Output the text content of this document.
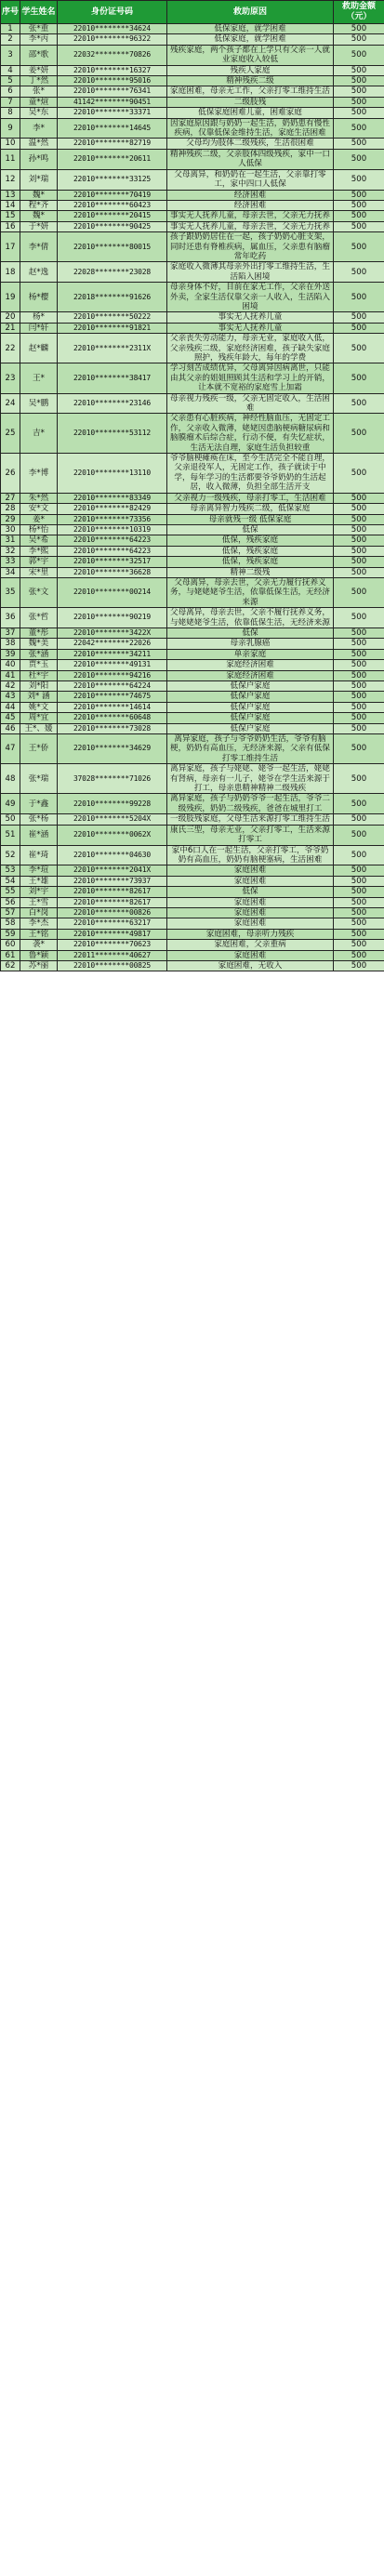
序号	学生姓名	身份证号码	救助原因	救助金额（元）
1	张*重	22010********34624	低保家庭，就学困难	500
2	李*丙	22010********96322	低保家庭，就学困难	500
3	邵*歌	22032********70826	残疾家庭，两个孩子都在上学只有父亲一人就业家庭收入较低	500
4	姜*妍	22010********16327	残疾人家庭	500
5	丁*然	22010********95016	精神残疾二级	500
6	张*	22010********76341	家庭困难，母亲无工作，父亲打零工维持生活	500
7	童*煊	41142********90451	二级肢残	500
8	吴*东	22010********33371	低保家庭困难儿童，困难家庭	500
9	李*	22010********14645	因家庭原因跟与奶奶一起生活，奶奶患有慢性疾病，仅靠低保金维持生活，家庭生活困难	500
10	温*然	22010********82719	父母均为肢体二级残疾，生活很困难	500
11	孙*鸣	22010********20611	精神残疾二级，父亲肢体四级残疾，家中一口人低保	500
12	刘*瑞	22010********33125	父母离异，和奶奶在一起生活，父亲靠打零工，家中四口人低保	500
13	魏*	22010********70419	经济困难	500
14	程*齐	22010********60423	经济困难	500
15	魏*	22010********20415	事实无人抚养儿童，母亲去世，父亲无力抚养	500
16	于*妍	22010********90425	事实无人抚养儿童，母亲去世，父亲无力抚养	500
17	李*倩	22010********80015	孩子跟奶奶居住在一起，孩子奶奶心脏支架，同时还患有脊椎疾病，属血压，父亲患有脑瘤常年吃药	500
18	赵*逸	22028********23028	家庭收入微薄其母亲外出打零工维持生活，生活陷入困境	500
19	杨*樱	22018********91626	母亲身体不好，目前在家无工作，父亲在外送外卖，全家生活仅靠父亲一人收入，生活陷入困境	500
20	杨*	22010********50222	事实无人抚养儿童	500
21	闫*轩	22010********91821	事实无人抚养儿童	500
22	赵*麟	22010********2311X	父亲丧失劳动能力，母亲无业，家庭收入低，父亲残疾二级，家庭经济困难，孩子缺失家庭照护，残疾年龄大，每年的学费	500
23	王*	22010********38417	学习刻苦成绩优异，父母离异因病离世，只能由其父亲的姐姐照顾其生活和学习上的开销，让本就不宽裕的家庭雪上加霜	500
24	吴*鹏	22010********23146	母亲视力残疾一级，父亲无固定收入，生活困难	500
25	吉*	22010********53112	父亲患有心脏疾病，神经性脑血压，无固定工作，父亲收入微薄，姥姥因患脑梗病糖尿病和脑膜瘤术后综合症，行动不便，有失忆症状，生活无法自理，家庭生活负担较重	500
26	李*博	22010********13110	爷爷脑梗瘫痪在床，至今生活完全不能自理，父亲退役军人，无固定工作，孩子就读于中学，每年学习的生活都要爷爷奶奶的生活起居，收入微薄，负担全部生活开支	500
27	朱*然	22010********83349	父亲视力一级残疾，母亲打零工，生活困难	500
28	安*文	22010********82429	母亲离异智力残疾二级，低保家庭	500
29	姜*	22010********73356	母亲就残一级 低保家庭	500
30	杨*怡	22010********10319	低保	500
31	吴*希	22010********64223	低保，残疾家庭	500
32	李*熙	22010********64223	低保，残疾家庭	500
33	郭*宇	22010********32517	低保，残疾家庭	500
34	宋*里	22010********36628	精神二级残	500
35	张*文	22010********00214	父母离异，母亲去世，父亲无力履行抚养义务，与姥姥姥爷生活，依靠低保生活，无经济来源	500
36	张*哲	22010********90219	父母离异，母亲去世，父亲不履行抚养义务，与姥姥姥爷生活，依靠低保生活，无经济来源	500
37	董*彤	22010********3422X	低保	500
38	魏*美	22042********22026	母亲乳腺癌	500
39	张*涵	22010********34211	单亲家庭	500
40	贾*玉	22010********49131	家庭经济困难	500
41	杜*宇	22010********94216	家庭经济困难	500
42	刘*阳	22010********64224	低保户家庭	500
43	刘* 涵	22010********74675	低保户家庭	500
44	姚*文	22010********14614	低保户家庭	500
45	周*宜	22010********60648	低保户家庭	500
46	王*、媛	22010********73028	低保户家庭	500
47	王*侨	22010********34629	离异家庭，孩子与爷爷奶奶生活，爷爷有脑梗，奶奶有高血压，无经济来源，父亲有低保打零工维持生活	500
48	张*瑞	37028********71026	离异家庭，孩子与姥姥、姥爷一起生活，姥姥有肾病，母亲有一儿子，姥爷在学生活来源于打工，母亲患精神精神二级残疾	500
49	于*鑫	22010********99228	离异家庭，孩子与奶奶爷爷一起生活，爷爷二级残疾，奶奶二级残疾，爸爸在城里打工	500
50	张*杨	22010********5204X	一级肢残家庭，父母生活来源打零工维持生活	500
51	崔*涵	22010********0062X	康氏三型，母亲无业，父亲打零工，生活来源打零工	500
52	崔*琦	22010********04630	家中6口人在一起生活，父亲打零工，爷爷奶奶有高血压，奶奶有脑梗塞病，生活困难	500
53	李*瑄	22010********2041X	家庭困难	500
54	王*雄	22010********73937	家庭困难	500
55	刘*宇	22010********82617	低保	500
56	王*雪	22010********82617	家庭困难	500
57	白*岗	22010********00826	家庭困难	500
58	李*杰	22010********63217	家庭困难	500
59	王*铭	22010********49817	家庭困难，母亲听力残疾	500
60	袭*	22010********70623	家庭困难，父亲重病	500
61	鲁*颖	22011********40627	家庭困难	500
62	苏*丽	22010********00825	家庭困难，无收入	500
